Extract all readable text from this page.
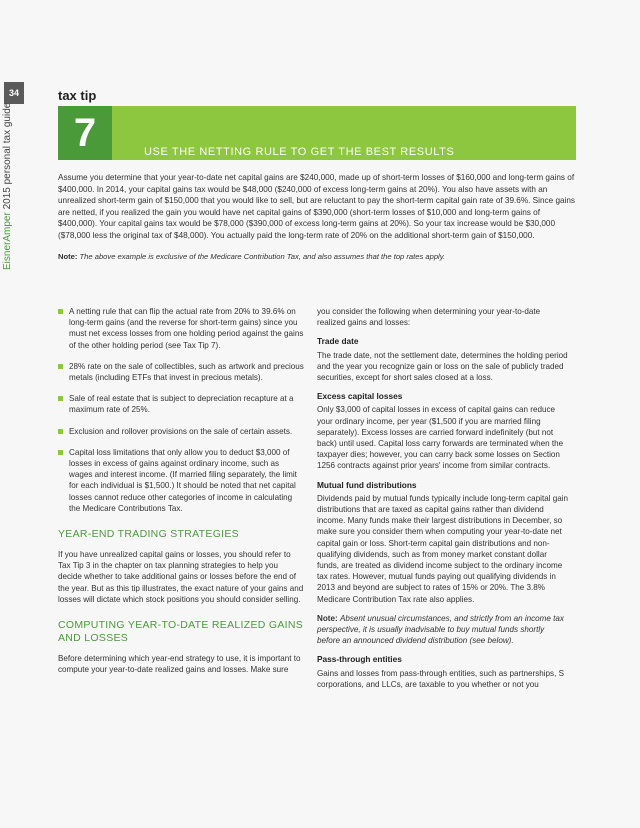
34
EisnerAmper 2015 personal tax guide
tax tip
7	USE THE NETTING RULE TO GET THE BEST RESULTS
Assume you determine that your year-to-date net capital gains are $240,000, made up of short-term losses of $160,000 and long-term gains of $400,000. In 2014, your capital gains tax would be $48,000 ($240,000 of excess long-term gains at 20%). You also have assets with an unrealized short-term gain of $150,000 that you would like to sell, but are reluctant to pay the short-term capital gain rate of 39.6%. Since gains are netted, if you realized the gain you would have net capital gains of $390,000 (short-term losses of $10,000 and long-term gains of $400,000). Your capital gains tax would be $78,000 ($390,000 of excess long-term gains at 20%). So your tax increase would be $30,000 ($78,000 less the original tax of $48,000). You actually paid the long-term rate of 20% on the additional short-term gain of $150,000.
Note: The above example is exclusive of the Medicare Contribution Tax, and also assumes that the top rates apply.
A netting rule that can flip the actual rate from 20% to 39.6% on long-term gains (and the reverse for short-term gains) since you must net excess losses from one holding period against the gains of the other holding period (see Tax Tip 7).
28% rate on the sale of collectibles, such as artwork and precious metals (including ETFs that invest in precious metals).
Sale of real estate that is subject to depreciation recapture at a maximum rate of 25%.
Exclusion and rollover provisions on the sale of certain assets.
Capital loss limitations that only allow you to deduct $3,000 of losses in excess of gains against ordinary income, such as wages and interest income. (If married filing separately, the limit for each individual is $1,500.) It should be noted that net capital losses cannot reduce other categories of income in calculating the Medicare Contributions Tax.
YEAR-END TRADING STRATEGIES

If you have unrealized capital gains or losses, you should refer to Tax Tip 3 in the chapter on tax planning strategies to help you decide whether to take additional gains or losses before the end of the year. But as this tip illustrates, the exact nature of your gains and losses will dictate which stock positions you should consider selling.

COMPUTING YEAR-TO-DATE REALIZED GAINS AND LOSSES

Before determining which year-end strategy to use, it is important to compute your year-to-date realized gains and losses. Make sure

you consider the following when determining your year-to-date realized gains and losses:

Trade date

The trade date, not the settlement date, determines the holding period and the year you recognize gain or loss on the sale of publicly traded securities, except for short sales closed at a loss.

Excess capital losses

Only $3,000 of capital losses in excess of capital gains can reduce your ordinary income, per year ($1,500 if you are married filing separately). Excess losses are carried forward indefinitely (but not back) until used. Capital loss carry forwards are terminated when the taxpayer dies; however, you can carry back some losses on Section 1256 contracts against prior years' income from similar contracts.

Mutual fund distributions

Dividends paid by mutual funds typically include long-term capital gain distributions that are taxed as capital gains rather than dividend income. Many funds make their largest distributions in December, so make sure you consider them when computing your year-to-date net capital gain or loss. Short-term capital gain distributions and non-qualifying dividends, such as from money market constant dollar funds, are treated as dividend income subject to the ordinary income tax rates. However, mutual funds paying out qualifying dividends in 2013 and beyond are subject to rates of 15% or 20%. The 3.8% Medicare Contribution Tax rate also applies.

Note: Absent unusual circumstances, and strictly from an income tax perspective, it is usually inadvisable to buy mutual funds shortly before an announced dividend distribution (see below).

Pass-through entities

Gains and losses from pass-through entities, such as partnerships, S corporations, and LLCs, are taxable to you whether or not you
